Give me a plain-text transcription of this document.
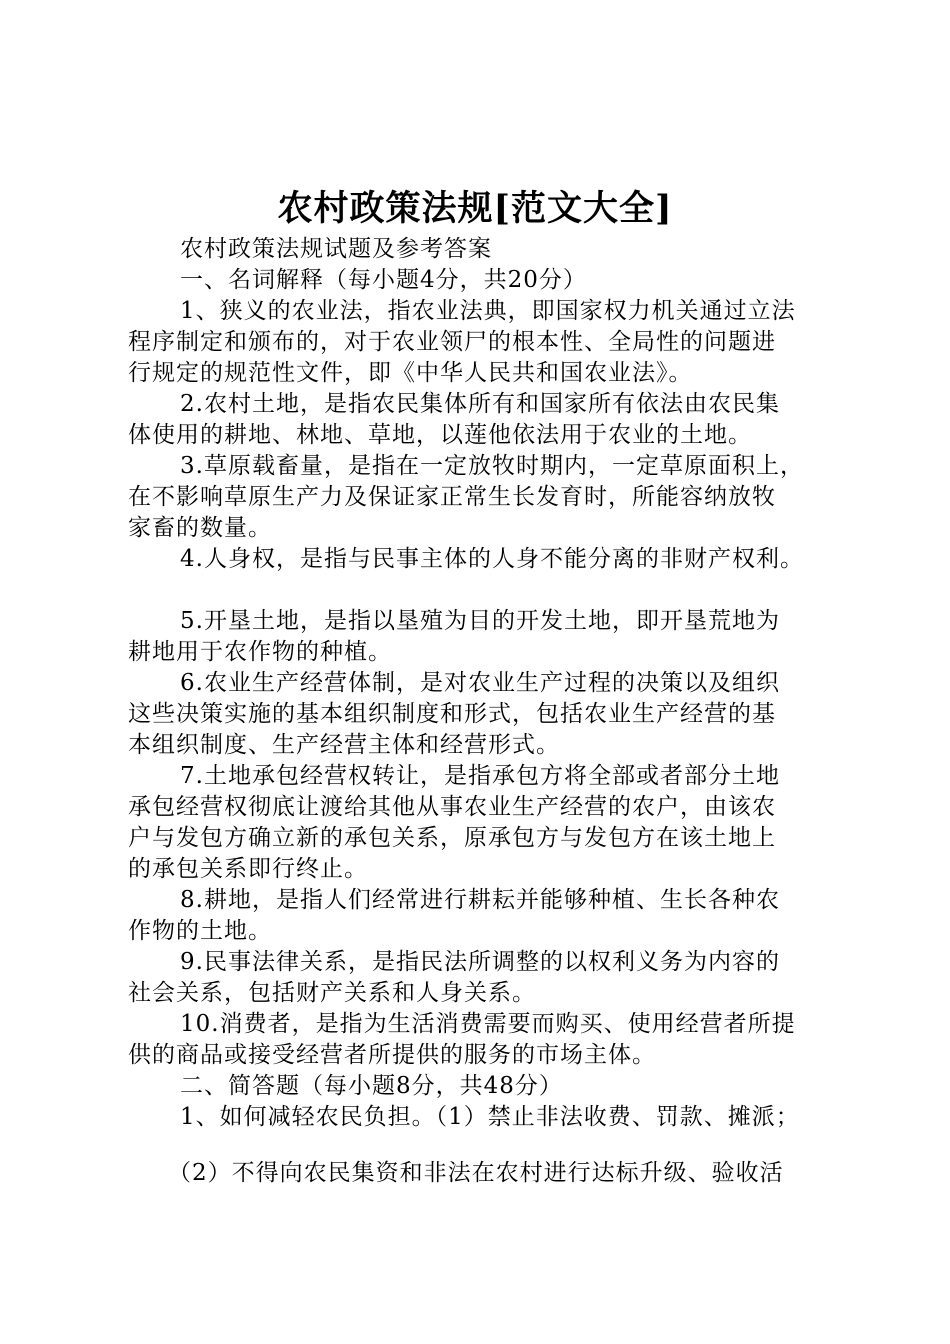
农村政策法规[范文大全]
农村政策法规试题及参考答案
一、名词解释（每小题4分，共20分）
1、狭义的农业法，指农业法典，即国家权力机关通过立法
程序制定和颁布的，对于农业领尸的根本性、全局性的问题进
行规定的规范性文件，即《中华人民共和国农业法》。
2.农村土地，是指农民集体所有和国家所有依法由农民集
体使用的耕地、林地、草地，以莲他依法用于农业的土地。
3.草原载畜量，是指在一定放牧时期内，一定草原面积上，
在不影响草原生产力及保证家正常生长发育时，所能容纳放牧
家畜的数量。
4.人身权，是指与民事主体的人身不能分离的非财产权利。
5.开垦土地，是指以垦殖为目的开发土地，即开垦荒地为
耕地用于农作物的种植。
6.农业生产经营体制，是对农业生产过程的决策以及组织
这些决策实施的基本组织制度和形式，包括农业生产经营的基
本组织制度、生产经营主体和经营形式。
7.土地承包经营权转让，是指承包方将全部或者部分土地
承包经营权彻底让渡给其他从事农业生产经营的农户，由该农
户与发包方确立新的承包关系，原承包方与发包方在该土地上
的承包关系即行终止。
8.耕地，是指人们经常进行耕耘并能够种植、生长各种农
作物的土地。
9.民事法律关系，是指民法所调整的以权利义务为内容的
社会关系，包括财产关系和人身关系。
10.消费者，是指为生活消费需要而购买、使用经营者所提
供的商品或接受经营者所提供的服务的市场主体。
二、简答题（每小题8分，共48分）
1、如何减轻农民负担。（1）禁止非法收费、罚款、摊派；
（2）不得向农民集资和非法在农村进行达标升级、验收活
